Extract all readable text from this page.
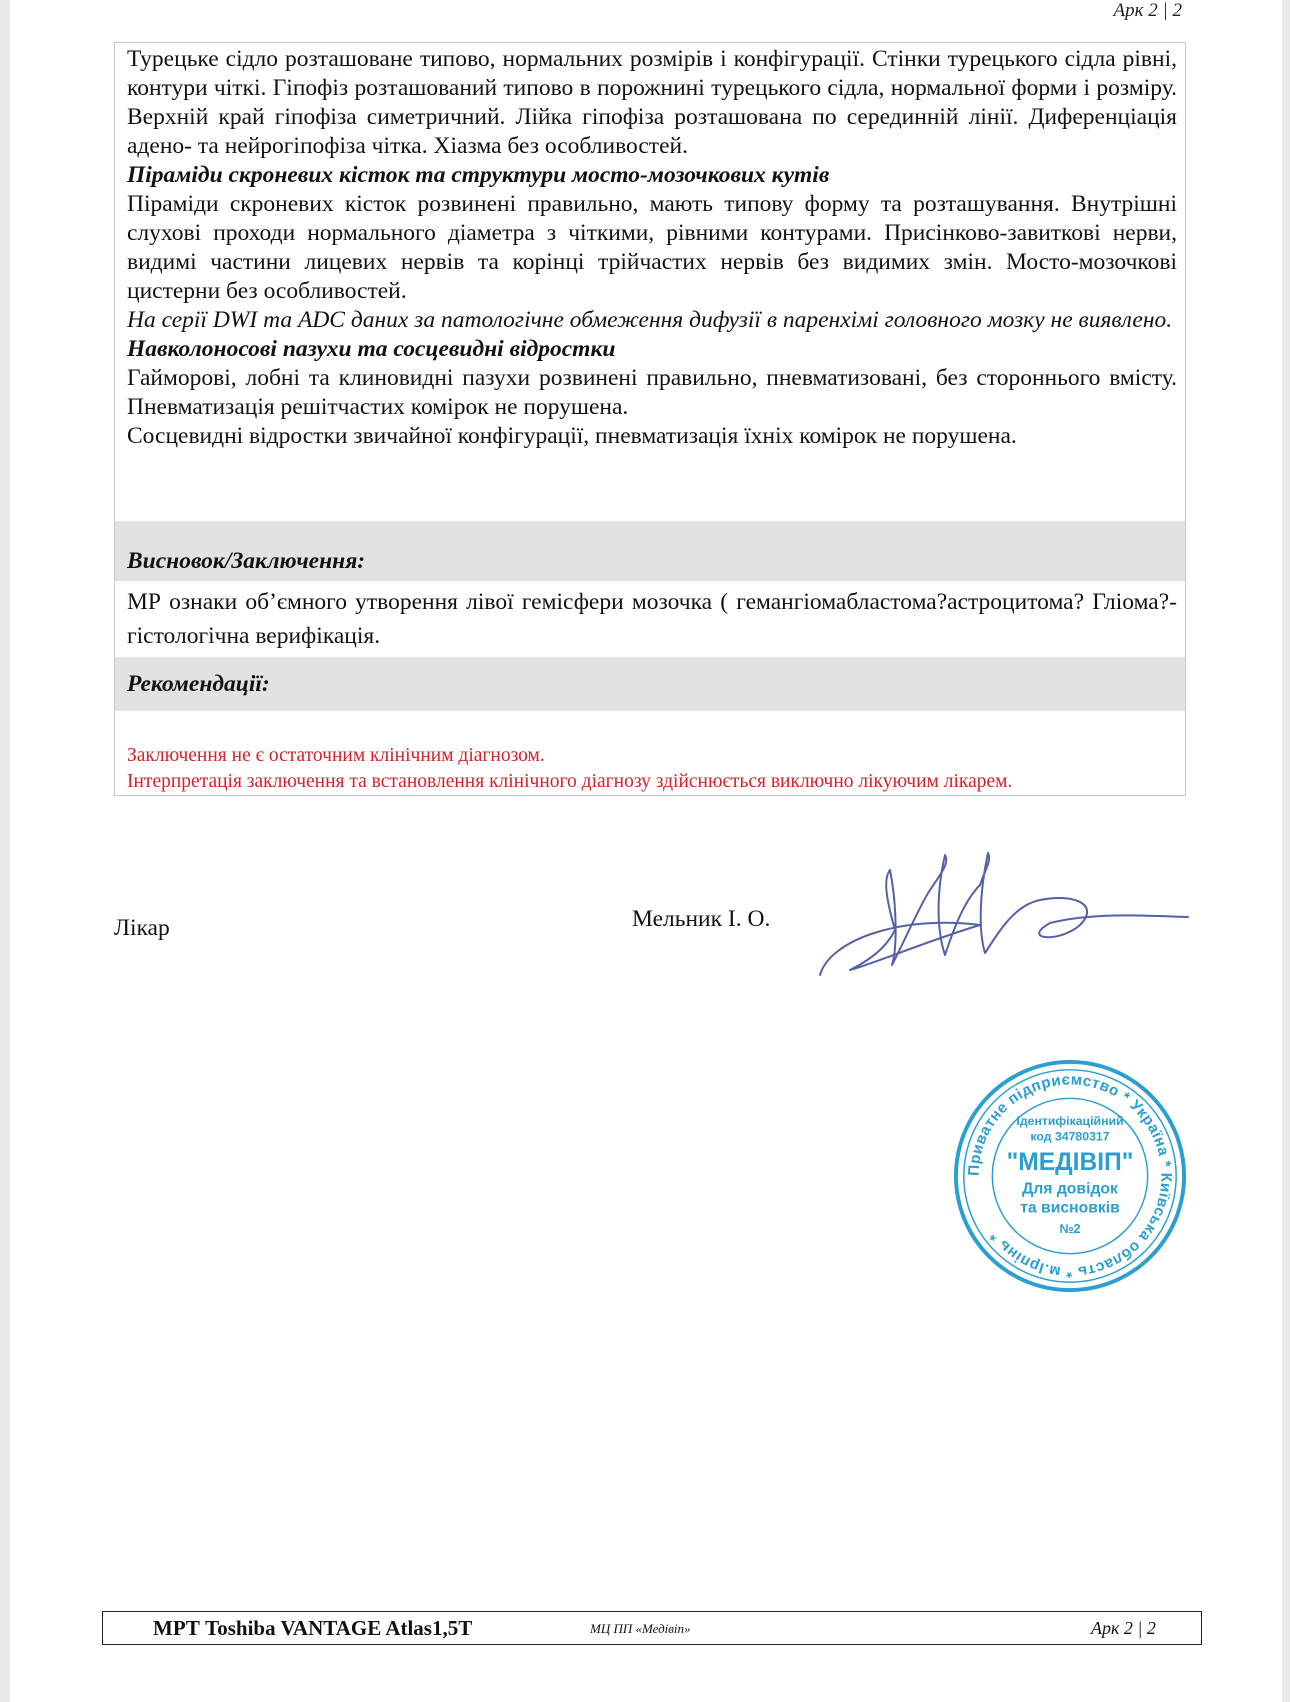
Арк 2 | 2

Турецьке сідло розташоване типово, нормальних розмірів і конфігурації. Стінки турецького сідла рівні, контури чіткі. Гіпофіз розташований типово в порожнині турецького сідла, нормальної форми і розміру. Верхній край гіпофіза симетричний. Лійка гіпофіза розташована по серединній лінії. Диференціація адено- та нейрогіпофіза чітка. Хіазма без особливостей.

Піраміди скроневих кісток та структури мосто-мозочкових кутів

Піраміди скроневих кісток розвинені правильно, мають типову форму та розташування. Внутрішні слухові проходи нормального діаметра з чіткими, рівними контурами. Присінково-завиткові нерви, видимі частини лицевих нервів та корінці трійчастих нервів без видимих змін. Мосто-мозочкові цистерни без особливостей.

На серії DWI та ADC даних за патологічне обмеження дифузії в паренхімі головного мозку не виявлено.

Навколоносові пазухи та сосцевидні відростки

Гайморові, лобні та клиновидні пазухи розвинені правильно, пневматизовані, без стороннього вмісту. Пневматизація решітчастих комірок не порушена.

Сосцевидні відростки звичайної конфігурації, пневматизація їхніх комірок не порушена.

Висновок/Заключення:
МР ознаки об’ємного утворення лівої гемісфери мозочка ( гемангіомабластома?астроцитома? Гліома?- гістологічна верифікація.
Рекомендації:

Заключення не є остаточним клінічним діагнозом.

Інтерпретація заключення та встановлення клінічного діагнозу здійснюється виключно лікуючим лікарем.

Лікар	Мельник І. О.
Приватне підприємство * Україна * Київська область * м.Ірпінь *
Ідентифікаційний
код 34780317
"МЕДІВІП"
Для довідок
та висновків
№2
МРТ Toshiba VANTAGE Atlas1,5T	МЦ ПП «Медівіп»	Арк 2 | 2
